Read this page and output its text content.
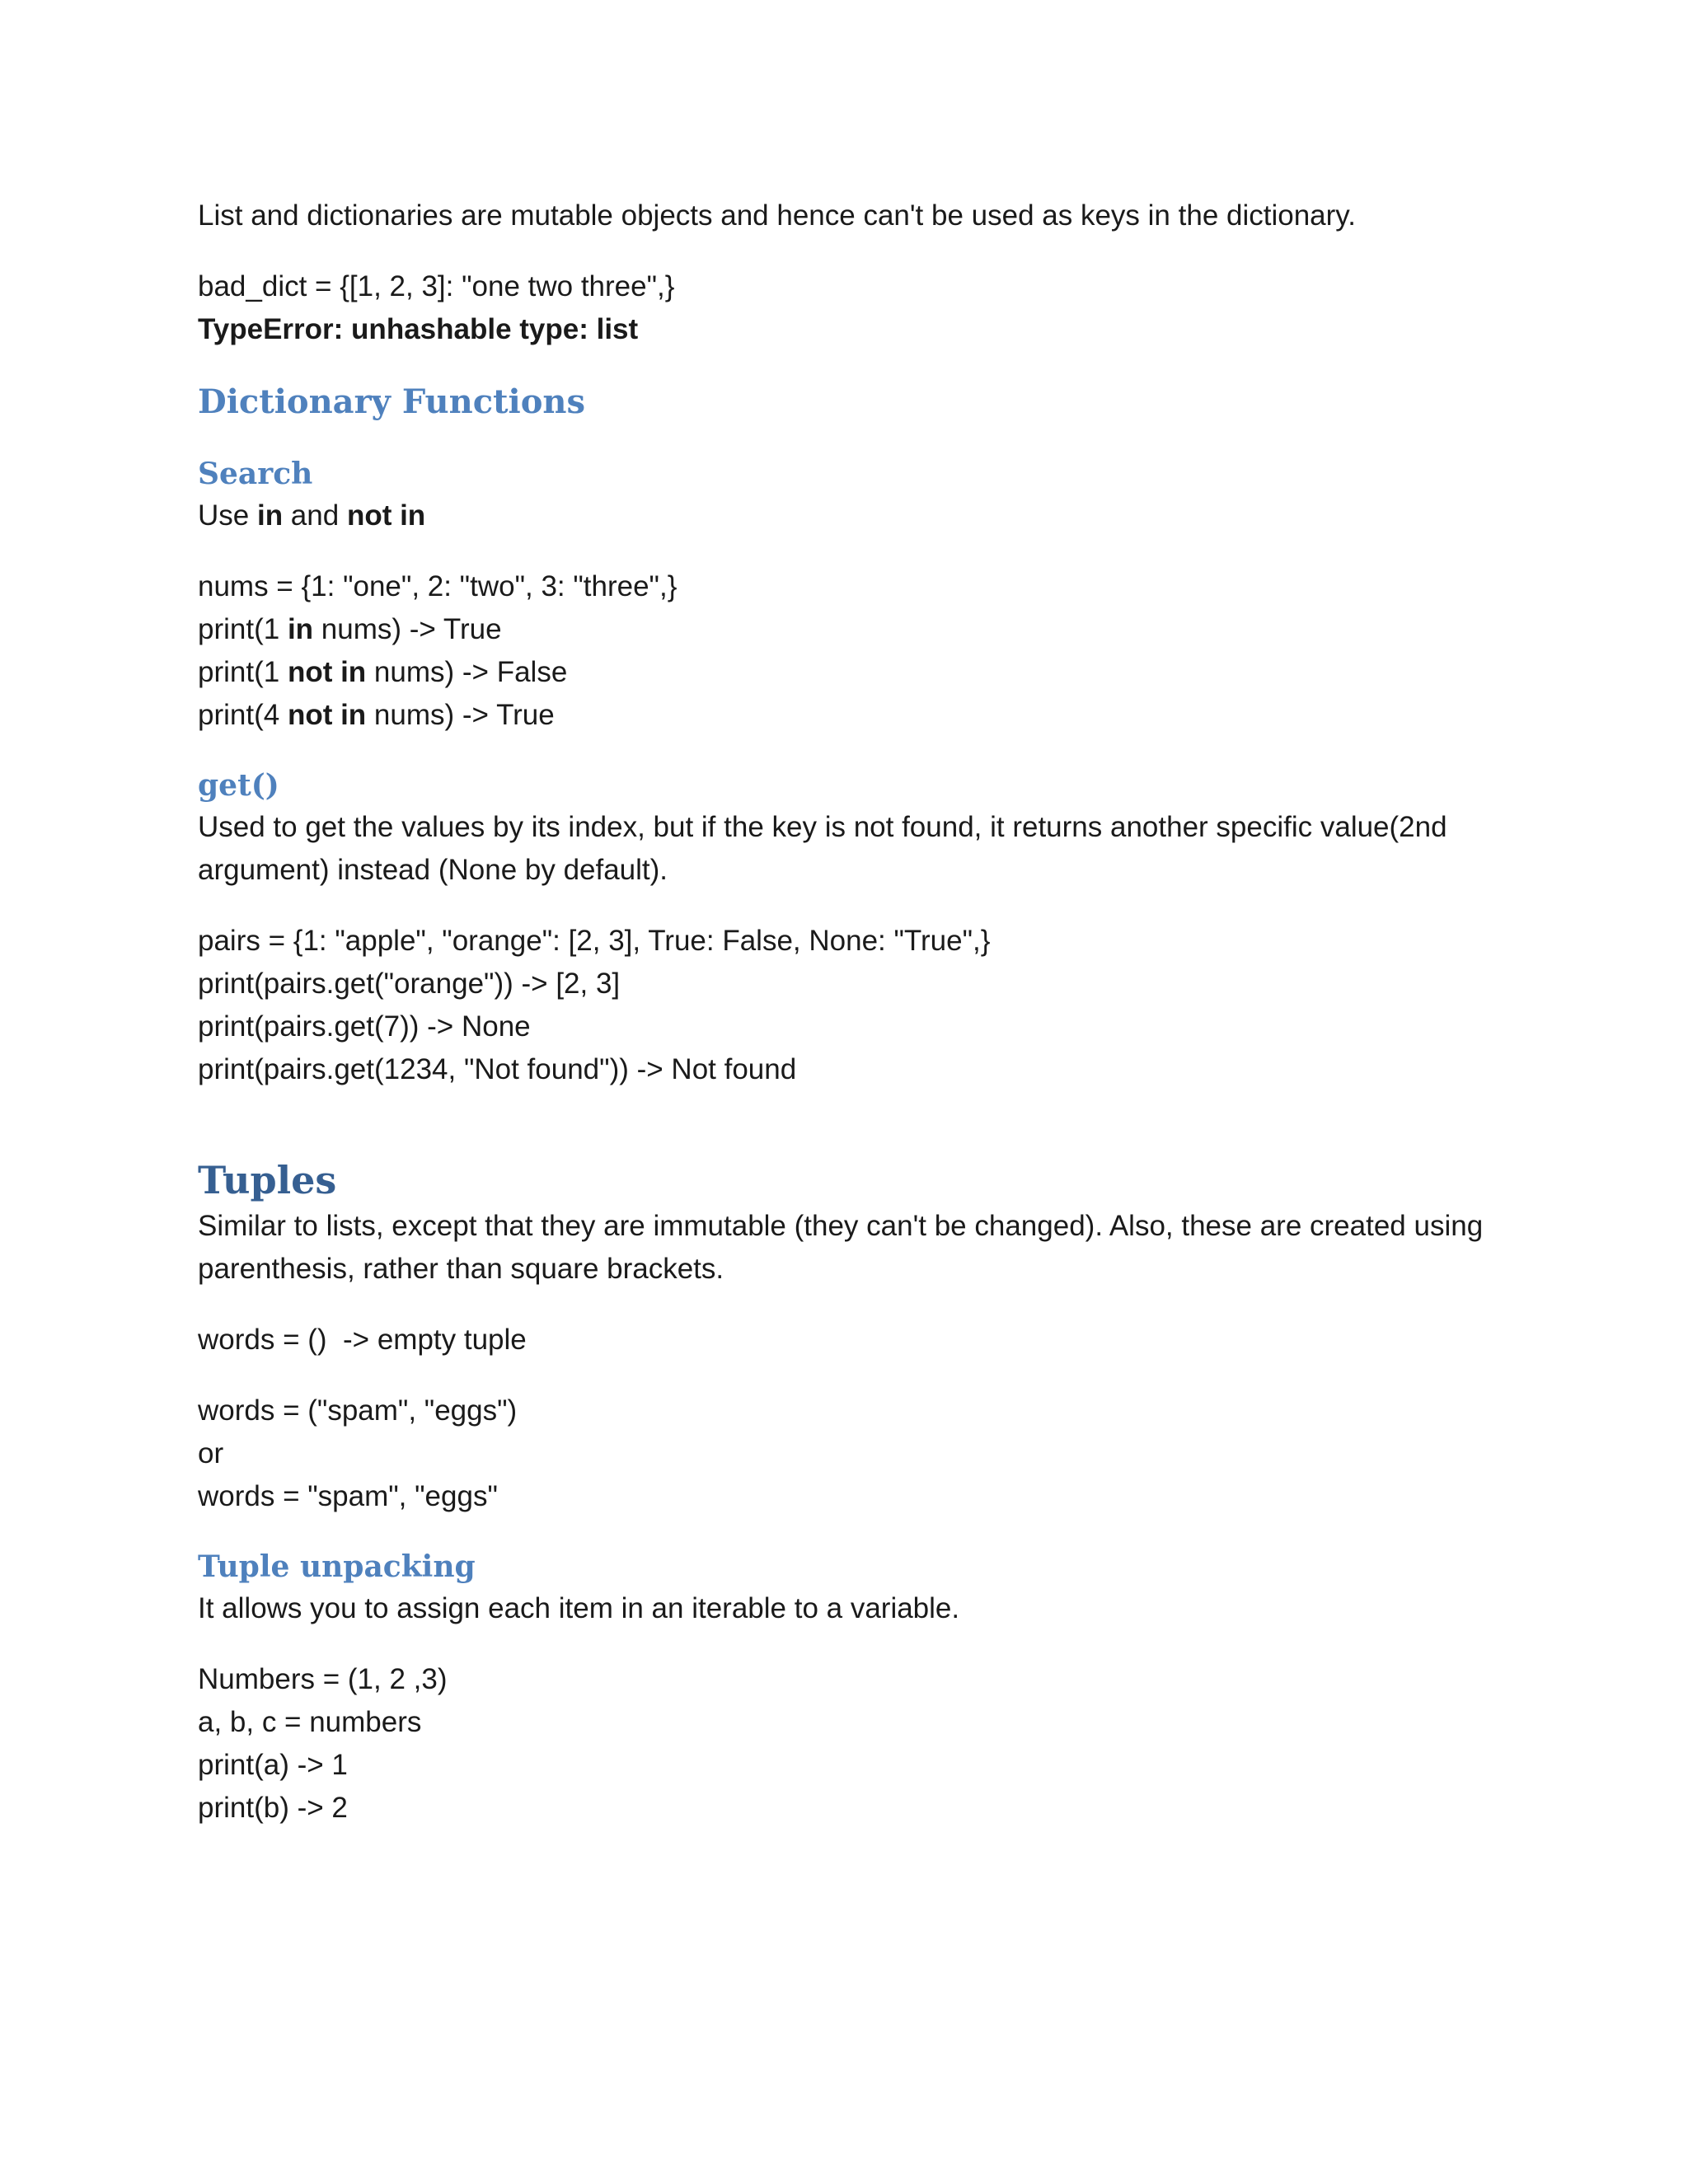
List and dictionaries are mutable objects and hence can't be used as keys in the dictionary.

bad_dict = {[1, 2, 3]: "one two three",}

TypeError: unhashable type: list

Dictionary Functions
Search

Use in and not in

nums = {1: "one", 2: "two", 3: "three",}

print(1 in nums) -> True

print(1 not in nums) -> False

print(4 not in nums) -> True

get()

Used to get the values by its index, but if the key is not found, it returns another specific value(2nd argument) instead (None by default).

pairs = {1: "apple", "orange": [2, 3], True: False, None: "True",}

print(pairs.get("orange")) -> [2, 3]

print(pairs.get(7)) -> None

print(pairs.get(1234, "Not found")) -> Not found

Tuples

Similar to lists, except that they are immutable (they can't be changed). Also, these are created using parenthesis, rather than square brackets.

words = ()  -> empty tuple

words = ("spam", "eggs")

or

words = "spam", "eggs"

Tuple unpacking

It allows you to assign each item in an iterable to a variable.

Numbers = (1, 2 ,3)

a, b, c = numbers

print(a) -> 1

print(b) -> 2
